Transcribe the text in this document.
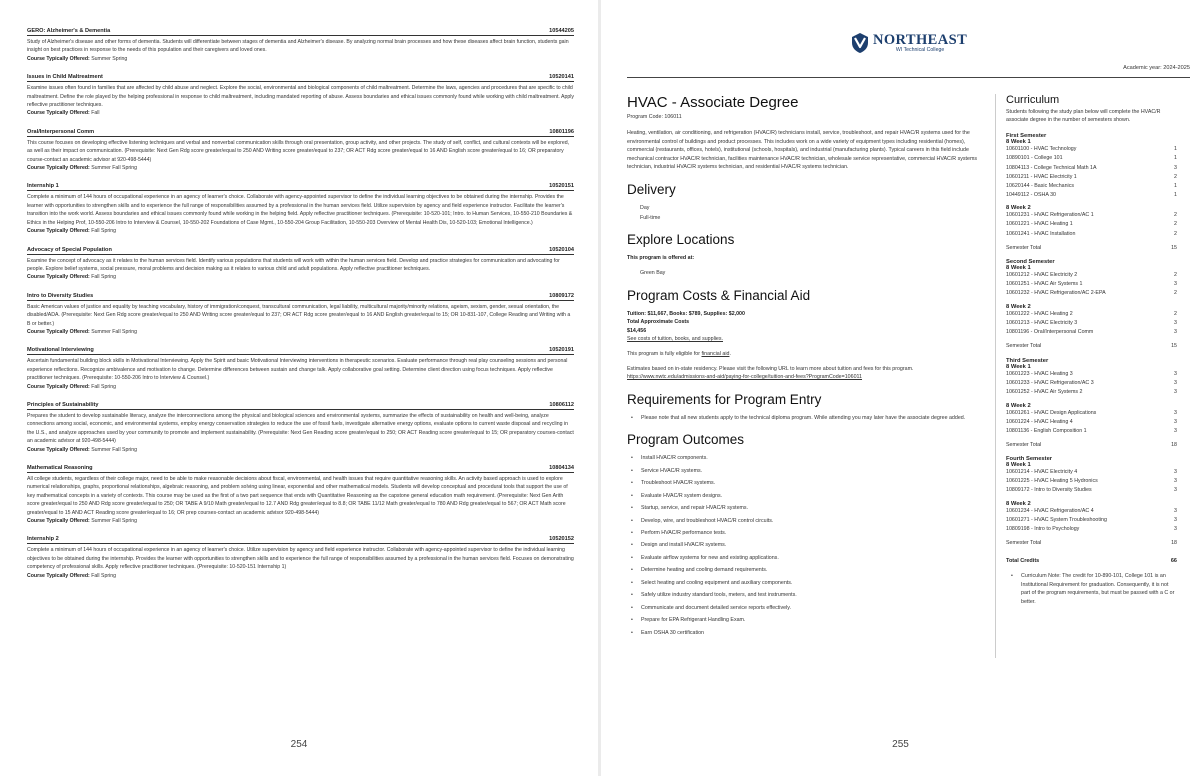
GERO: Alzheimer's & Dementia	10544205
Study of Alzheimer's disease and other forms of dementia. Students will differentiate between stages of dementia and Alzheimer's disease. By analyzing normal brain processes and how these diseases affect brain function, students gain insight on best practices in response to the needs of this population and their caregivers and loved ones.
Course Typically Offered: Summer Spring
Issues in Child Maltreatment	10520141
Examine issues often found in families that are affected by child abuse and neglect. Explore the social, environmental and biological components of child maltreatment. Determine the laws, agencies and procedures that are specific to child maltreatment. Define the role played by the helping professional in response to child maltreatment, including mandated reporting of abuse. Assess boundaries and ethical issues commonly found while working with child maltreatment. Apply reflective practitioner techniques.
Course Typically Offered: Fall
Oral/Interpersonal Comm	10801196
This course focuses on developing effective listening techniques and verbal and nonverbal communication skills through oral presentation, group activity, and other projects. The study of self, conflict, and cultural contexts will be explored, as well as their impact on communication. (Prerequisite: Next Gen Rdg score greater/equal to 250 AND Writing score greater/equal to 237; OR ACT Rdg score greater/equal to 16 AND English score greater/equal to 16; OR preparatory course-contact an academic advisor at 920-498-5444)
Course Typically Offered: Summer Fall Spring
Internship 1	10520151
Complete a minimum of 144 hours of occupational experience in an agency of learner's choice. Collaborate with agency-appointed supervisor to define the individual learning objectives to be obtained during the internship. Provides the learner with opportunities to strengthen skills and to experience the full range of responsibilities assumed by a professional in the human services field. Utilize supervision by agency and field experience instructor. Facilitate the learner's transition into the work world. Assess boundaries and ethical issues commonly found while working in the helping field. Apply reflective practitioner techniques. (Prerequisite: 10-520-101; Intro. to Human Services, 10-550-210 Boundaries & Ethics in the Helping Prof, 10-550-206 Intro to Interview & Counsel, 10-550-202 Foundations of Case Mgmt., 10-550-204 Group Facilitation, 10-550-203 Overview of Mental Health Dis, 10-520-103; Emotional Intelligence.)
Course Typically Offered: Fall Spring
Advocacy of Special Population	10520104
Examine the concept of advocacy as it relates to the human services field. Identify various populations that students will work with within the human services field. Develop and practice strategies for communication and advocating for people. Explore belief systems, social pressure, moral problems and decision making as it relates to various child and adult populations. Apply reflective practitioner techniques.
Course Typically Offered: Fall Spring
Intro to Diversity Studies	10809172
Basic American values of justice and equality by teaching vocabulary, history of immigration/conquest, transcultural communication, legal liability, multicultural majority/minority relations, ageism, sexism, gender, sexual orientation, the disabled/ADA. (Prerequisite: Next Gen Rdg score greater/equal to 250 AND Writing score greater/equal to 237; OR ACT Rdg score greater/equal to 16 AND English greater/equal to 15; OR 10-831-107, College Reading and Writing with a B or better.)
Course Typically Offered: Summer Fall Spring
Motivational Interviewing	10520191
Ascertain fundamental building block skills in Motivational Interviewing. Apply the Spirit and basic Motivational Interviewing interventions in therapeutic scenarios. Evaluate performance through real play counseling sessions and personal experience reflections. Recognize ambivalence and motivation to change. Determine differences between sustain and change talk. Apply collaborative goal setting. Determine client direction using focus techniques. Apply reflective practitioner techniques. (Prerequisite: 10-550-206 Intro to Interview & Counsel.)
Course Typically Offered: Fall Spring
Principles of Sustainability	10806112
Prepares the student to develop sustainable literacy, analyze the interconnections among the physical and biological sciences and environmental systems, summarize the effects of sustainability on health and well-being, analyze connections among social, economic, and environmental systems, employ energy conservation strategies to reduce the use of fossil fuels, investigate alternative energy options, evaluate options to current waste disposal and recycling in the U.S., and analyze approaches used by your community to promote and implement sustainability. (Prerequisite: Next Gen Reading score greater/equal to 250; OR ACT Reading score greater/equal to 15; OR preparatory courses-contact an academic advisor at 920-498-5444)
Course Typically Offered: Summer Fall Spring
Mathematical Reasoning	10804134
All college students, regardless of their college major, need to be able to make reasonable decisions about fiscal, environmental, and health issues that require quantitative reasoning skills. An activity based approach is used to explore numerical relationships, graphs, proportional relationships, algebraic reasoning, and problem solving using linear, exponential and other mathematical models. Students will develop conceptual and procedural tools that support the use of key mathematical concepts in a variety of contexts. This course may be used as the first of a two part sequence that ends with Quantitative Reasoning as the capstone general education math requirement. (Prerequisite: Next Gen Arith score greater/equal to 250 AND Rdg score greater/equal to 250; OR TABE A 9/10 Math greater/equal to 12.7 AND Rdg greater/equal to 8.8; OR TABE 11/12 Math greater/equal to 780 AND Rdg greater/equal to 567; OR ACT Math score greater/equal to 15 AND ACT Reading score greater/equal to 16; OR prep courses-contact an academic advisor 920-498-5444)
Course Typically Offered: Summer Fall Spring
Internship 2	10520152
Complete a minimum of 144 hours of occupational experience in an agency of learner's choice. Utilize supervision by agency and field experience instructor. Collaborate with agency-appointed supervisor to define the individual learning objectives to be obtained during the internship. Provides the learner with opportunities to strengthen skills and to experience the full range of responsibilities assumed by a professional in the human services field. Focuses on demonstrating competency of professional skills. Apply reflective practitioner techniques. (Prerequisite: 10-520-151 Internship 1)
Course Typically Offered: Fall Spring
254
NORTHEAST
WI Technical College
Academic year: 2024-2025
HVAC - Associate Degree
Program Code: 106011
Heating, ventilation, air conditioning, and refrigeration (HVAC/R) technicians install, service, troubleshoot, and repair HVAC/R systems used for the environmental control of buildings and product processes. This includes work on a wide variety of equipment types including residential (homes), commercial (restaurants, offices, hotels), institutional (schools, hospitals), and industrial (manufacturing plants). Typical careers in this field include mechanical contractor HVAC/R technician, facilities maintenance HVAC/R technician, wholesale service representative, commercial HVAC/R systems technician, industrial HVAC/R systems technician, and residential HVAC/R systems technician.
Delivery
Day
Full-time
Explore Locations
This program is offered at:
Green Bay
Program Costs & Financial Aid
Tuition: $11,667, Books: $789, Supplies: $2,000
Total Approximate Costs
$14,456
See costs of tuition, books, and supplies.
This program is fully eligible for financial aid.
Estimates based on in-state residency. Please visit the following URL to learn more about tuition and fees for this program.
https://www.nwtc.edu/admissions-and-aid/paying-for-college/tuition-and-fees?ProgramCode=106011
Requirements for Program Entry
• Please note that all new students apply to the technical diploma program. While attending you may later have the associate degree added.
Program Outcomes
• Install HVAC/R components.
• Service HVAC/R systems.
• Troubleshoot HVAC/R systems.
• Evaluate HVAC/R system designs.
• Startup, service, and repair HVAC/R systems.
• Develop, wire, and troubleshoot HVAC/R control circuits.
• Perform HVAC/R performance tests.
• Design and install HVAC/R systems.
• Evaluate airflow systems for new and existing applications.
• Determine heating and cooling demand requirements.
• Select heating and cooling equipment and auxiliary components.
• Safely utilize industry standard tools, meters, and test instruments.
• Communicate and document detailed service reports effectively.
• Prepare for EPA Refrigerant Handling Exam.
• Earn OSHA 30 certification
Curriculum
Students following the study plan below will complete the HVAC/R associate degree in the number of semesters shown.
First Semester
8 Week 1
10601100 - HVAC Technology	1
10890101 - College 101	1
10804113 - College Technical Math 1A	3
10601211 - HVAC Electricity 1	2
10620144 - Basic Mechanics	1
10449112 - OSHA 30	1
8 Week 2
10601231 - HVAC Refrigeration/AC 1	2
10601221 - HVAC Heating 1	2
10601241 - HVAC Installation	2
Semester Total	15
Second Semester
8 Week 1
10601212 - HVAC Electricity 2	2
10601251 - HVAC Air Systems 1	3
10601232 - HVAC Refrigeration/AC 2-EPA	2
8 Week 2
10601222 - HVAC Heating 2	2
10601213 - HVAC Electricity 3	3
10801196 - Oral/Interpersonal Comm	3
Semester Total	15
Third Semester
8 Week 1
10601223 - HVAC Heating 3	3
10601233 - HVAC Refrigeration/AC 3	3
10601252 - HVAC Air Systems 2	3
8 Week 2
10601261 - HVAC Design Applications	3
10601224 - HVAC Heating 4	3
10801136 - English Composition 1	3
Semester Total	18
Fourth Semester
8 Week 1
10601214 - HVAC Electricity 4	3
10601225 - HVAC Heating 5 Hydronics	3
10809172 - Intro to Diversity Studies	3
8 Week 2
10601234 - HVAC Refrigeration/AC 4	3
10601271 - HVAC System Troubleshooting	3
10809198 - Intro to Psychology	3
Semester Total	18
Total Credits	66
• Curriculum Note: The credit for 10-890-101, College 101 is an Institutional Requirement for graduation. Consequently, it is not part of the program requirements, but must be passed with a C or better.
255
